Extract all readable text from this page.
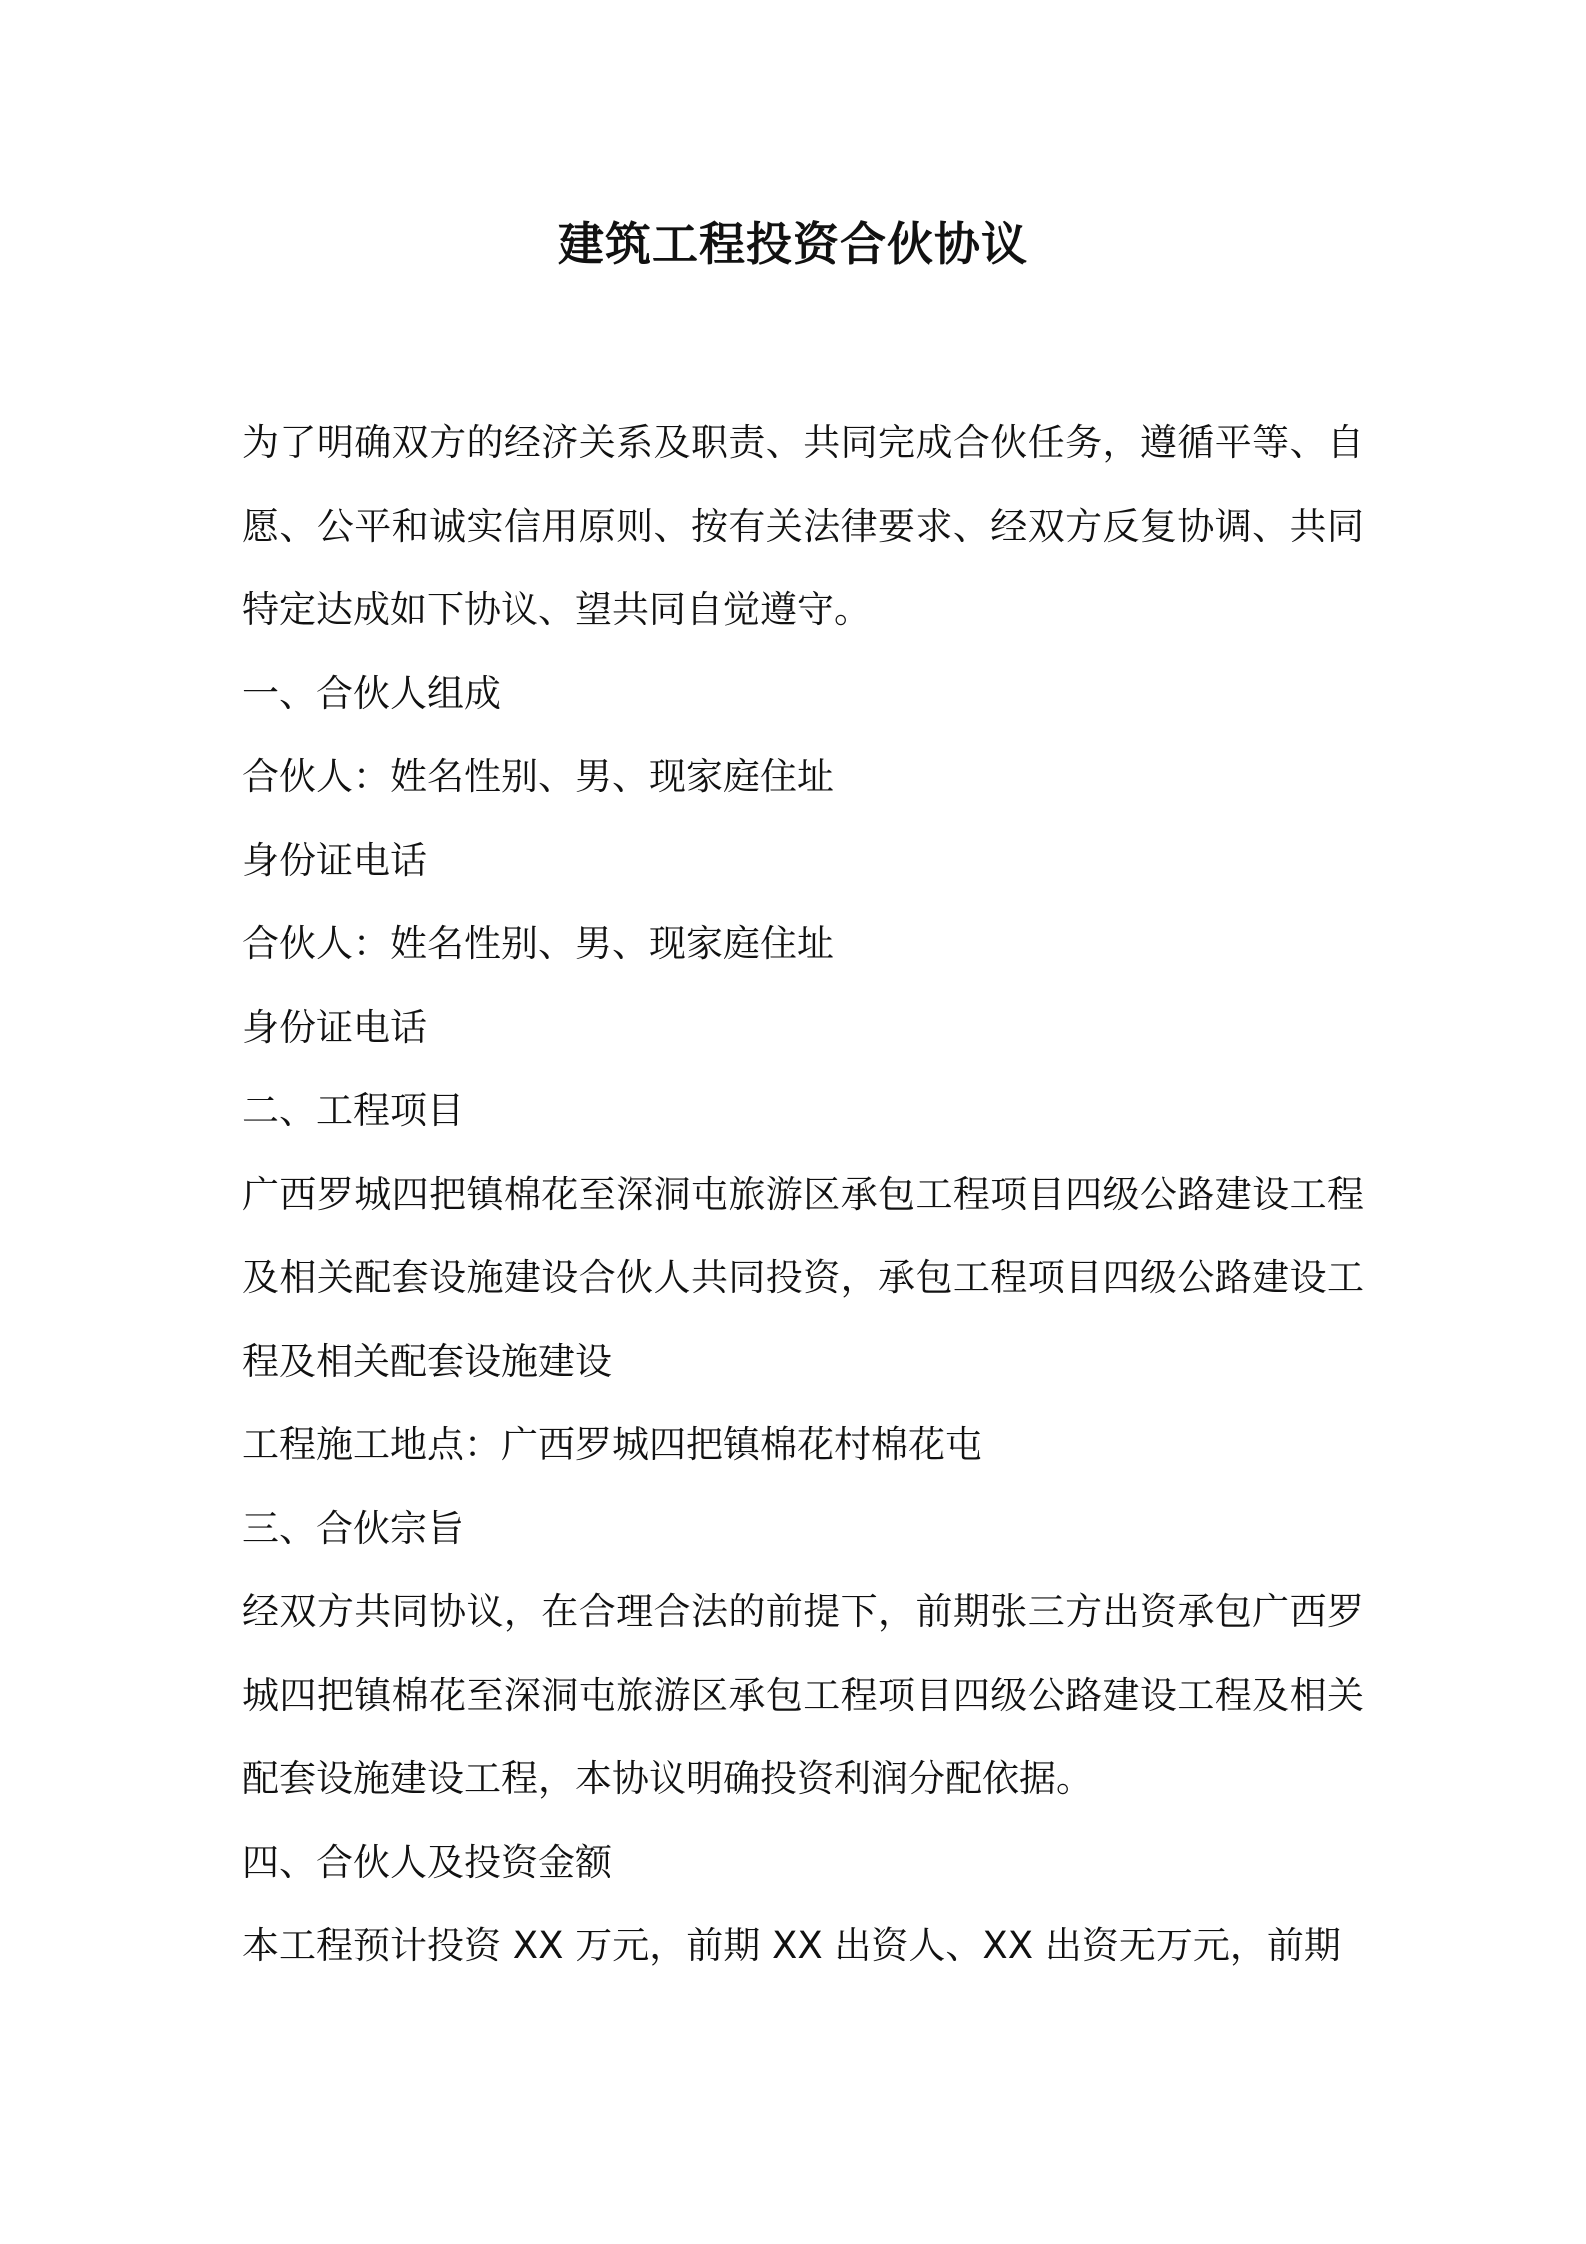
建筑工程投资合伙协议

为了明确双方的经济关系及职责、共同完成合伙任务，遵循平等、自愿、公平和诚实信用原则、按有关法律要求、经双方反复协调、共同特定达成如下协议、望共同自觉遵守。

一、合伙人组成

合伙人：姓名性别、男、现家庭住址

身份证电话

合伙人：姓名性别、男、现家庭住址

身份证电话

二、工程项目

广西罗城四把镇棉花至深洞屯旅游区承包工程项目四级公路建设工程及相关配套设施建设合伙人共同投资，承包工程项目四级公路建设工程及相关配套设施建设

工程施工地点：广西罗城四把镇棉花村棉花屯

三、合伙宗旨

经双方共同协议，在合理合法的前提下，前期张三方出资承包广西罗城四把镇棉花至深洞屯旅游区承包工程项目四级公路建设工程及相关配套设施建设工程，本协议明确投资利润分配依据。

四、合伙人及投资金额

本工程预计投资 XX 万元，前期 XX 出资人、XX 出资无万元，前期
